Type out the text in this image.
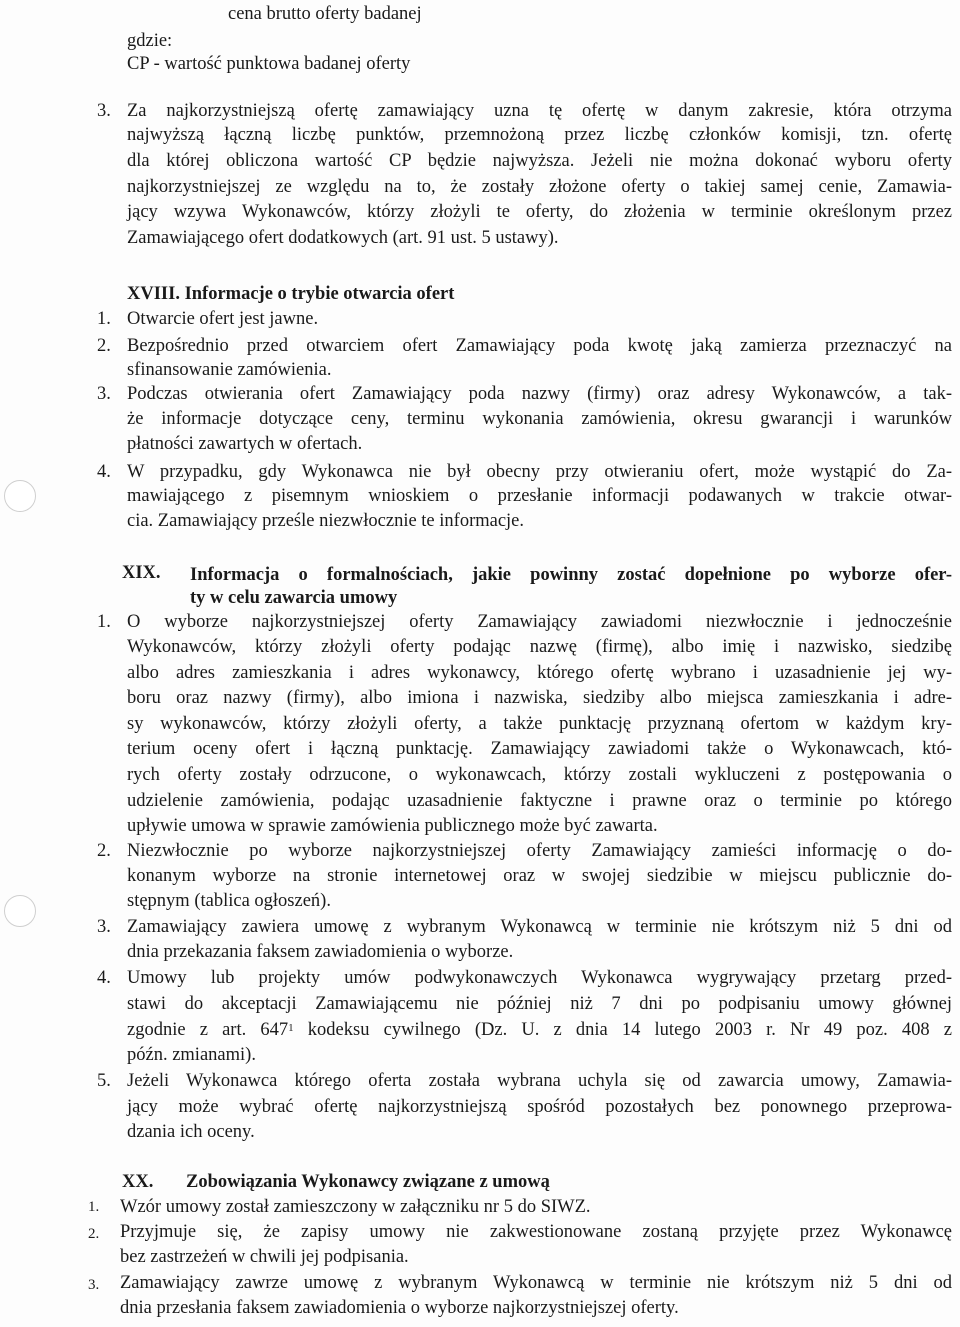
cena brutto oferty badanej
gdzie:
CP - wartość punktowa badanej oferty
3. Za najkorzystniejszą ofertę zamawiający uzna tę ofertę w danym zakresie, która otrzyma
najwyższą łączną liczbę punktów, przemnożoną przez liczbę członków komisji, tzn. ofertę
dla której obliczona wartość CP będzie najwyższa. Jeżeli nie można dokonać wyboru oferty
najkorzystniejszej ze względu na to, że zostały złożone oferty o takiej samej cenie, Zamawia-
jący wzywa Wykonawców, którzy złożyli te oferty, do złożenia w terminie określonym przez
Zamawiającego ofert dodatkowych (art. 91 ust. 5 ustawy).
XVIII. Informacje o trybie otwarcia ofert
1. Otwarcie ofert jest jawne.
2. Bezpośrednio przed otwarciem ofert Zamawiający poda kwotę jaką zamierza przeznaczyć na
sfinansowanie zamówienia.
3. Podczas otwierania ofert Zamawiający poda nazwy (firmy) oraz adresy Wykonawców, a tak-
że informacje dotyczące ceny, terminu wykonania zamówienia, okresu gwarancji i warunków
płatności zawartych w ofertach.
4. W przypadku, gdy Wykonawca nie był obecny przy otwieraniu ofert, może wystąpić do Za-
mawiającego z pisemnym wnioskiem o przesłanie informacji podawanych w trakcie otwar-
cia. Zamawiający prześle niezwłocznie te informacje.
XIX. Informacja o formalnościach, jakie powinny zostać dopełnione po wyborze ofer-
ty w celu zawarcia umowy
1. O wyborze najkorzystniejszej oferty Zamawiający zawiadomi niezwłocznie i jednocześnie
Wykonawców, którzy złożyli oferty podając nazwę (firmę), albo imię i nazwisko, siedzibę
albo adres zamieszkania i adres wykonawcy, którego ofertę wybrano i uzasadnienie jej wy-
boru oraz nazwy (firmy), albo imiona i nazwiska, siedziby albo miejsca zamieszkania i adre-
sy wykonawców, którzy złożyli oferty, a także punktację przyznaną ofertom w każdym kry-
terium oceny ofert i łączną punktację. Zamawiający zawiadomi także o Wykonawcach, któ-
rych oferty zostały odrzucone, o wykonawcach, którzy zostali wykluczeni z postępowania o
udzielenie zamówienia, podając uzasadnienie faktyczne i prawne oraz o terminie po którego
upływie umowa w sprawie zamówienia publicznego może być zawarta.
2. Niezwłocznie po wyborze najkorzystniejszej oferty Zamawiający zamieści informację o do-
konanym wyborze na stronie internetowej oraz w swojej siedzibie w miejscu publicznie do-
stępnym (tablica ogłoszeń).
3. Zamawiający zawiera umowę z wybranym Wykonawcą w terminie nie krótszym niż 5 dni od
dnia przekazania faksem zawiadomienia o wyborze.
4. Umowy lub projekty umów podwykonawczych Wykonawca wygrywający przetarg przed-
stawi do akceptacji Zamawiającemu nie później niż 7 dni po podpisaniu umowy głównej
zgodnie z art. $647^1$ kodeksu cywilnego (Dz. U. z dnia 14 lutego 2003 r. Nr 49 poz. 408 z
późn. zmianami).
5. Jeżeli Wykonawca którego oferta została wybrana uchyla się od zawarcia umowy, Zamawia-
jący może wybrać ofertę najkorzystniejszą spośród pozostałych bez ponownego przeprowa-
dzania ich oceny.
XX. Zobowiązania Wykonawcy związane z umową
1. Wzór umowy został zamieszczony w załączniku nr 5 do SIWZ.
2. Przyjmuje się, że zapisy umowy nie zakwestionowane zostaną przyjęte przez Wykonawcę
bez zastrzeżeń w chwili jej podpisania.
3. Zamawiający zawrze umowę z wybranym Wykonawcą w terminie nie krótszym niż 5 dni od
dnia przesłania faksem zawiadomienia o wyborze najkorzystniejszej oferty.
